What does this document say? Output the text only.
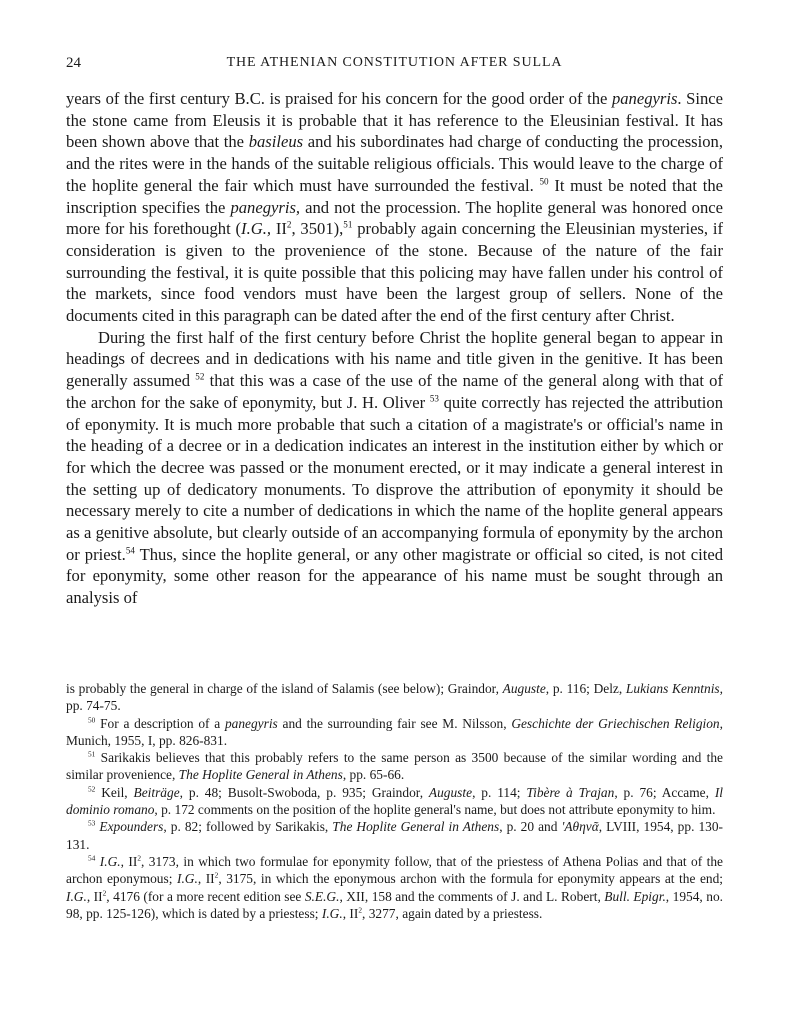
24	THE ATHENIAN CONSTITUTION AFTER SULLA

years of the first century B.C. is praised for his concern for the good order of the panegyris. Since the stone came from Eleusis it is probable that it has reference to the Eleusinian festival. It has been shown above that the basileus and his subordinates had charge of conducting the procession, and the rites were in the hands of the suitable religious officials. This would leave to the charge of the hoplite general the fair which must have surrounded the festival. $^{50}$ It must be noted that the inscription specifies the panegyris, and not the procession. The hoplite general was honored once more for his forethought (I.G., $II^2$, 3501),$^{51}$ probably again concerning the Eleusinian mysteries, if consideration is given to the provenience of the stone. Because of the nature of the fair surrounding the festival, it is quite possible that this policing may have fallen under his control of the markets, since food vendors must have been the largest group of sellers. None of the documents cited in this paragraph can be dated after the end of the first century after Christ.

During the first half of the first century before Christ the hoplite general began to appear in headings of decrees and in dedications with his name and title given in the genitive. It has been generally assumed $^{52}$ that this was a case of the use of the name of the general along with that of the archon for the sake of eponymity, but J. H. Oliver $^{53}$ quite correctly has rejected the attribution of eponymity. It is much more probable that such a citation of a magistrate's or official's name in the heading of a decree or in a dedication indicates an interest in the institution either by which or for which the decree was passed or the monument erected, or it may indicate a general interest in the setting up of dedicatory monuments. To disprove the attribution of eponymity it should be necessary merely to cite a number of dedications in which the name of the hoplite general appears as a genitive absolute, but clearly outside of an accompanying formula of eponymity by the archon or priest.$^{54}$ Thus, since the hoplite general, or any other magistrate or official so cited, is not cited for eponymity, some other reason for the appearance of his name must be sought through an analysis of

is probably the general in charge of the island of Salamis (see below); Graindor, Auguste, p. 116; Delz, Lukians Kenntnis, pp. 74-75.

$^{50}$ For a description of a panegyris and the surrounding fair see M. Nilsson, Geschichte der Griechischen Religion, Munich, 1955, I, pp. 826-831.

$^{51}$ Sarikakis believes that this probably refers to the same person as 3500 because of the similar wording and the similar provenience, The Hoplite General in Athens, pp. 65-66.

$^{52}$ Keil, Beiträge, p. 48; Busolt-Swoboda, p. 935; Graindor, Auguste, p. 114; Tibère à Trajan, p. 76; Accame, Il dominio romano, p. 172 comments on the position of the hoplite general's name, but does not attribute eponymity to him.

$^{53}$ Expounders, p. 82; followed by Sarikakis, The Hoplite General in Athens, p. 20 and 'Αθηνᾶ, LVIII, 1954, pp. 130-131.

$^{54}$ I.G., $II^2$, 3173, in which two formulae for eponymity follow, that of the priestess of Athena Polias and that of the archon eponymous; I.G., $II^2$, 3175, in which the eponymous archon with the formula for eponymity appears at the end; I.G., $II^2$, 4176 (for a more recent edition see S.E.G., XII, 158 and the comments of J. and L. Robert, Bull. Epigr., 1954, no. 98, pp. 125-126), which is dated by a priestess; I.G., $II^2$, 3277, again dated by a priestess.
